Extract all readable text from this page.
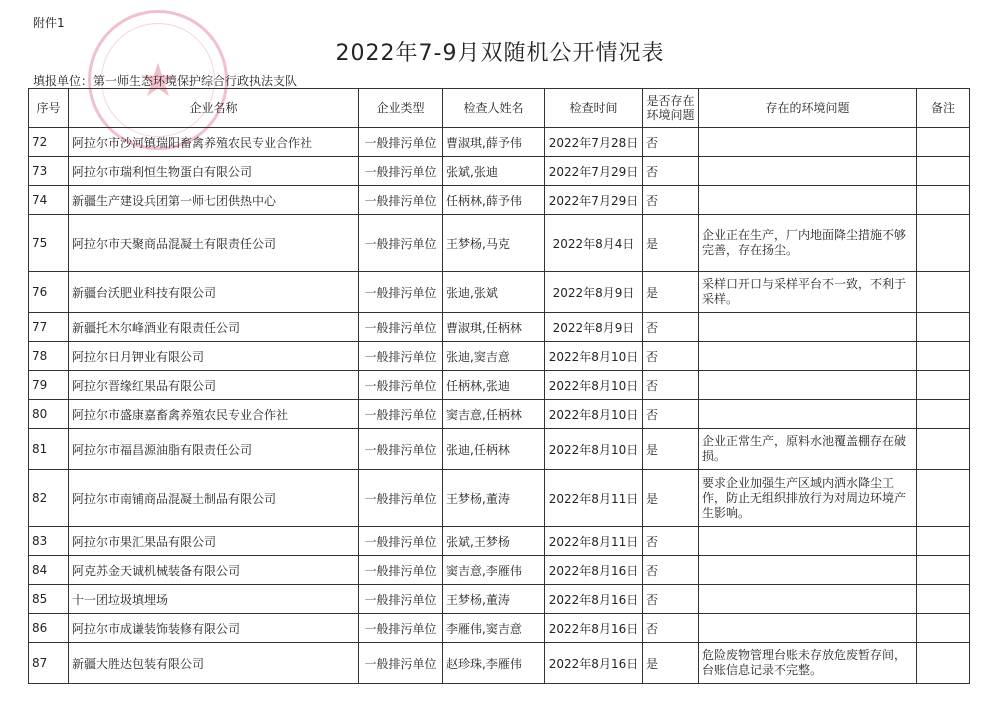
★
附件1
2022年7-9月双随机公开情况表
填报单位：第一师生态环境保护综合行政执法支队
序号	企业名称	企业类型	检查人姓名	检查时间	是否存在环境问题	存在的环境问题	备注
72	阿拉尔市沙河镇瑞阳畜禽养殖农民专业合作社	一般排污单位	曹淑琪,薛予伟	2022年7月28日	否		
73	阿拉尔市瑞利恒生物蛋白有限公司	一般排污单位	张斌,张迪	2022年7月29日	否		
74	新疆生产建设兵团第一师七团供热中心	一般排污单位	任柄林,薛予伟	2022年7月29日	否		
75	阿拉尔市天聚商品混凝土有限责任公司	一般排污单位	王梦杨,马克	2022年8月4日	是	企业正在生产，厂内地面降尘措施不够完善，存在扬尘。	
76	新疆台沃肥业科技有限公司	一般排污单位	张迪,张斌	2022年8月9日	是	采样口开口与采样平台不一致，不利于采样。	
77	新疆托木尔峰酒业有限责任公司	一般排污单位	曹淑琪,任柄林	2022年8月9日	否		
78	阿拉尔日月钾业有限公司	一般排污单位	张迪,窦吉意	2022年8月10日	否		
79	阿拉尔晋缘红果品有限公司	一般排污单位	任柄林,张迪	2022年8月10日	否		
80	阿拉尔市盛康嘉畜禽养殖农民专业合作社	一般排污单位	窦吉意,任柄林	2022年8月10日	否		
81	阿拉尔市福昌源油脂有限责任公司	一般排污单位	张迪,任柄林	2022年8月10日	是	企业正常生产，原料水池覆盖棚存在破损。	
82	阿拉尔市南铺商品混凝土制品有限公司	一般排污单位	王梦杨,董涛	2022年8月11日	是	要求企业加强生产区域内洒水降尘工作，防止无组织排放行为对周边环境产生影响。	
83	阿拉尔市果汇果品有限公司	一般排污单位	张斌,王梦杨	2022年8月11日	否		
84	阿克苏金天诚机械装备有限公司	一般排污单位	窦吉意,李雁伟	2022年8月16日	否		
85	十一团垃圾填埋场	一般排污单位	王梦杨,董涛	2022年8月16日	否		
86	阿拉尔市成谦装饰装修有限公司	一般排污单位	李雁伟,窦吉意	2022年8月16日	否		
87	新疆大胜达包装有限公司	一般排污单位	赵珍珠,李雁伟	2022年8月16日	是	危险废物管理台账未存放危废暂存间，台账信息记录不完整。	
